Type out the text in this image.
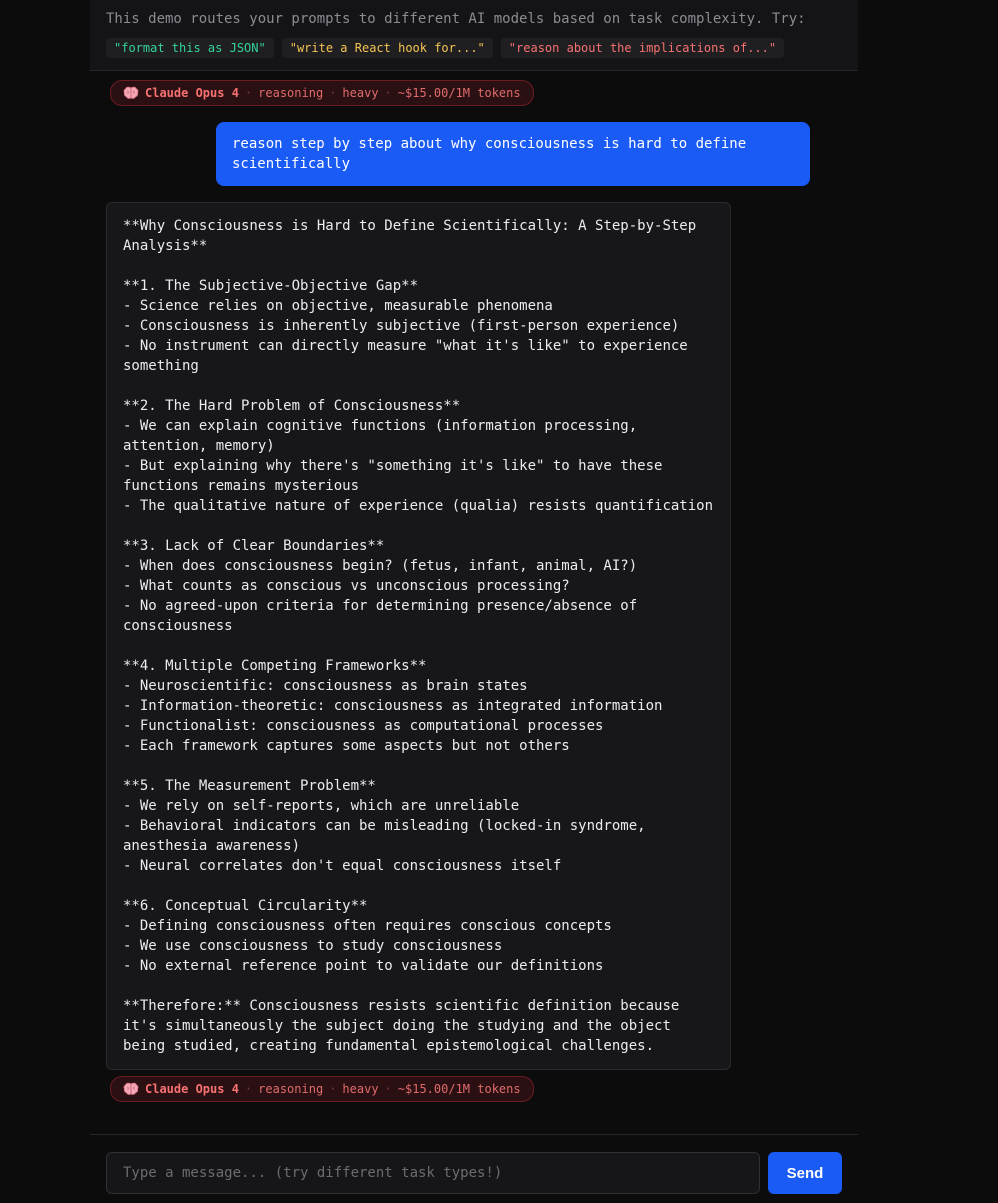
This demo routes your prompts to different AI models based on task complexity. Try:
"format this as JSON"	"write a React hook for..."	"reason about the implications of..."
Claude Opus 4 · reasoning · heavy · ~$15.00/1M tokens
reason step by step about why consciousness is hard to define scientifically
**Why Consciousness is Hard to Define Scientifically: A Step-by-Step Analysis**

**1. The Subjective-Objective Gap**
- Science relies on objective, measurable phenomena
- Consciousness is inherently subjective (first-person experience)
- No instrument can directly measure "what it's like" to experience something

**2. The Hard Problem of Consciousness**
- We can explain cognitive functions (information processing, attention, memory)
- But explaining why there's "something it's like" to have these functions remains mysterious
- The qualitative nature of experience (qualia) resists quantification

**3. Lack of Clear Boundaries**
- When does consciousness begin? (fetus, infant, animal, AI?)
- What counts as conscious vs unconscious processing?
- No agreed-upon criteria for determining presence/absence of consciousness

**4. Multiple Competing Frameworks**
- Neuroscientific: consciousness as brain states
- Information-theoretic: consciousness as integrated information
- Functionalist: consciousness as computational processes
- Each framework captures some aspects but not others

**5. The Measurement Problem**
- We rely on self-reports, which are unreliable
- Behavioral indicators can be misleading (locked-in syndrome, anesthesia awareness)
- Neural correlates don't equal consciousness itself

**6. Conceptual Circularity**
- Defining consciousness often requires conscious concepts
- We use consciousness to study consciousness
- No external reference point to validate our definitions

**Therefore:** Consciousness resists scientific definition because it's simultaneously the subject doing the studying and the object being studied, creating fundamental epistemological challenges.
Claude Opus 4 · reasoning · heavy · ~$15.00/1M tokens
Type a message... (try different task types!)
Send
